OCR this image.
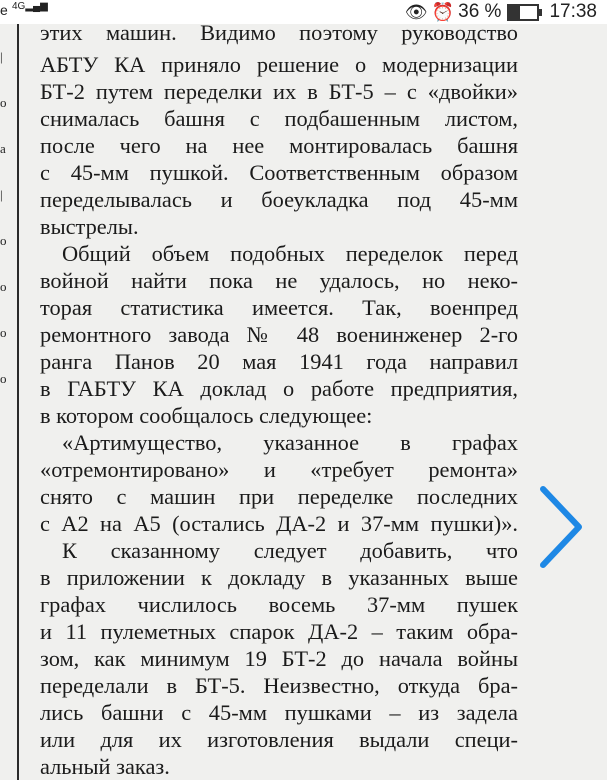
e 4G▂▄▆	👁 ⏰ 36 %	17:38
|
o
a
|
o
o
o
o
этих машин. Видимо поэтому руководство
АБТУ КА приняло решение о модернизации
БТ-2 путем переделки их в БТ-5 – с «двойки»
снималась башня с подбашенным листом,
после чего на нее монтировалась башня
с 45-мм пушкой. Соответственным образом
переделывалась и боеукладка под 45-мм
выстрелы.
Общий объем подобных переделок перед
войной найти пока не удалось, но неко-
торая статистика имеется. Так, военпред
ремонтного завода № 48 военинженер 2-го
ранга Панов 20 мая 1941 года направил
в ГАБТУ КА доклад о работе предприятия,
в котором сообщалось следующее:
«Артимущество, указанное в графах
«отремонтировано» и «требует ремонта»
снято с машин при переделке последних
с А2 на А5 (остались ДА-2 и 37-мм пушки)».
К сказанному следует добавить, что
в приложении к докладу в указанных выше
графах числилось восемь 37-мм пушек
и 11 пулеметных спарок ДА-2 – таким обра-
зом, как минимум 19 БТ-2 до начала войны
переделали в БТ-5. Неизвестно, откуда бра-
лись башни с 45-мм пушками – из задела
или для их изготовления выдали специ-
альный заказ.
